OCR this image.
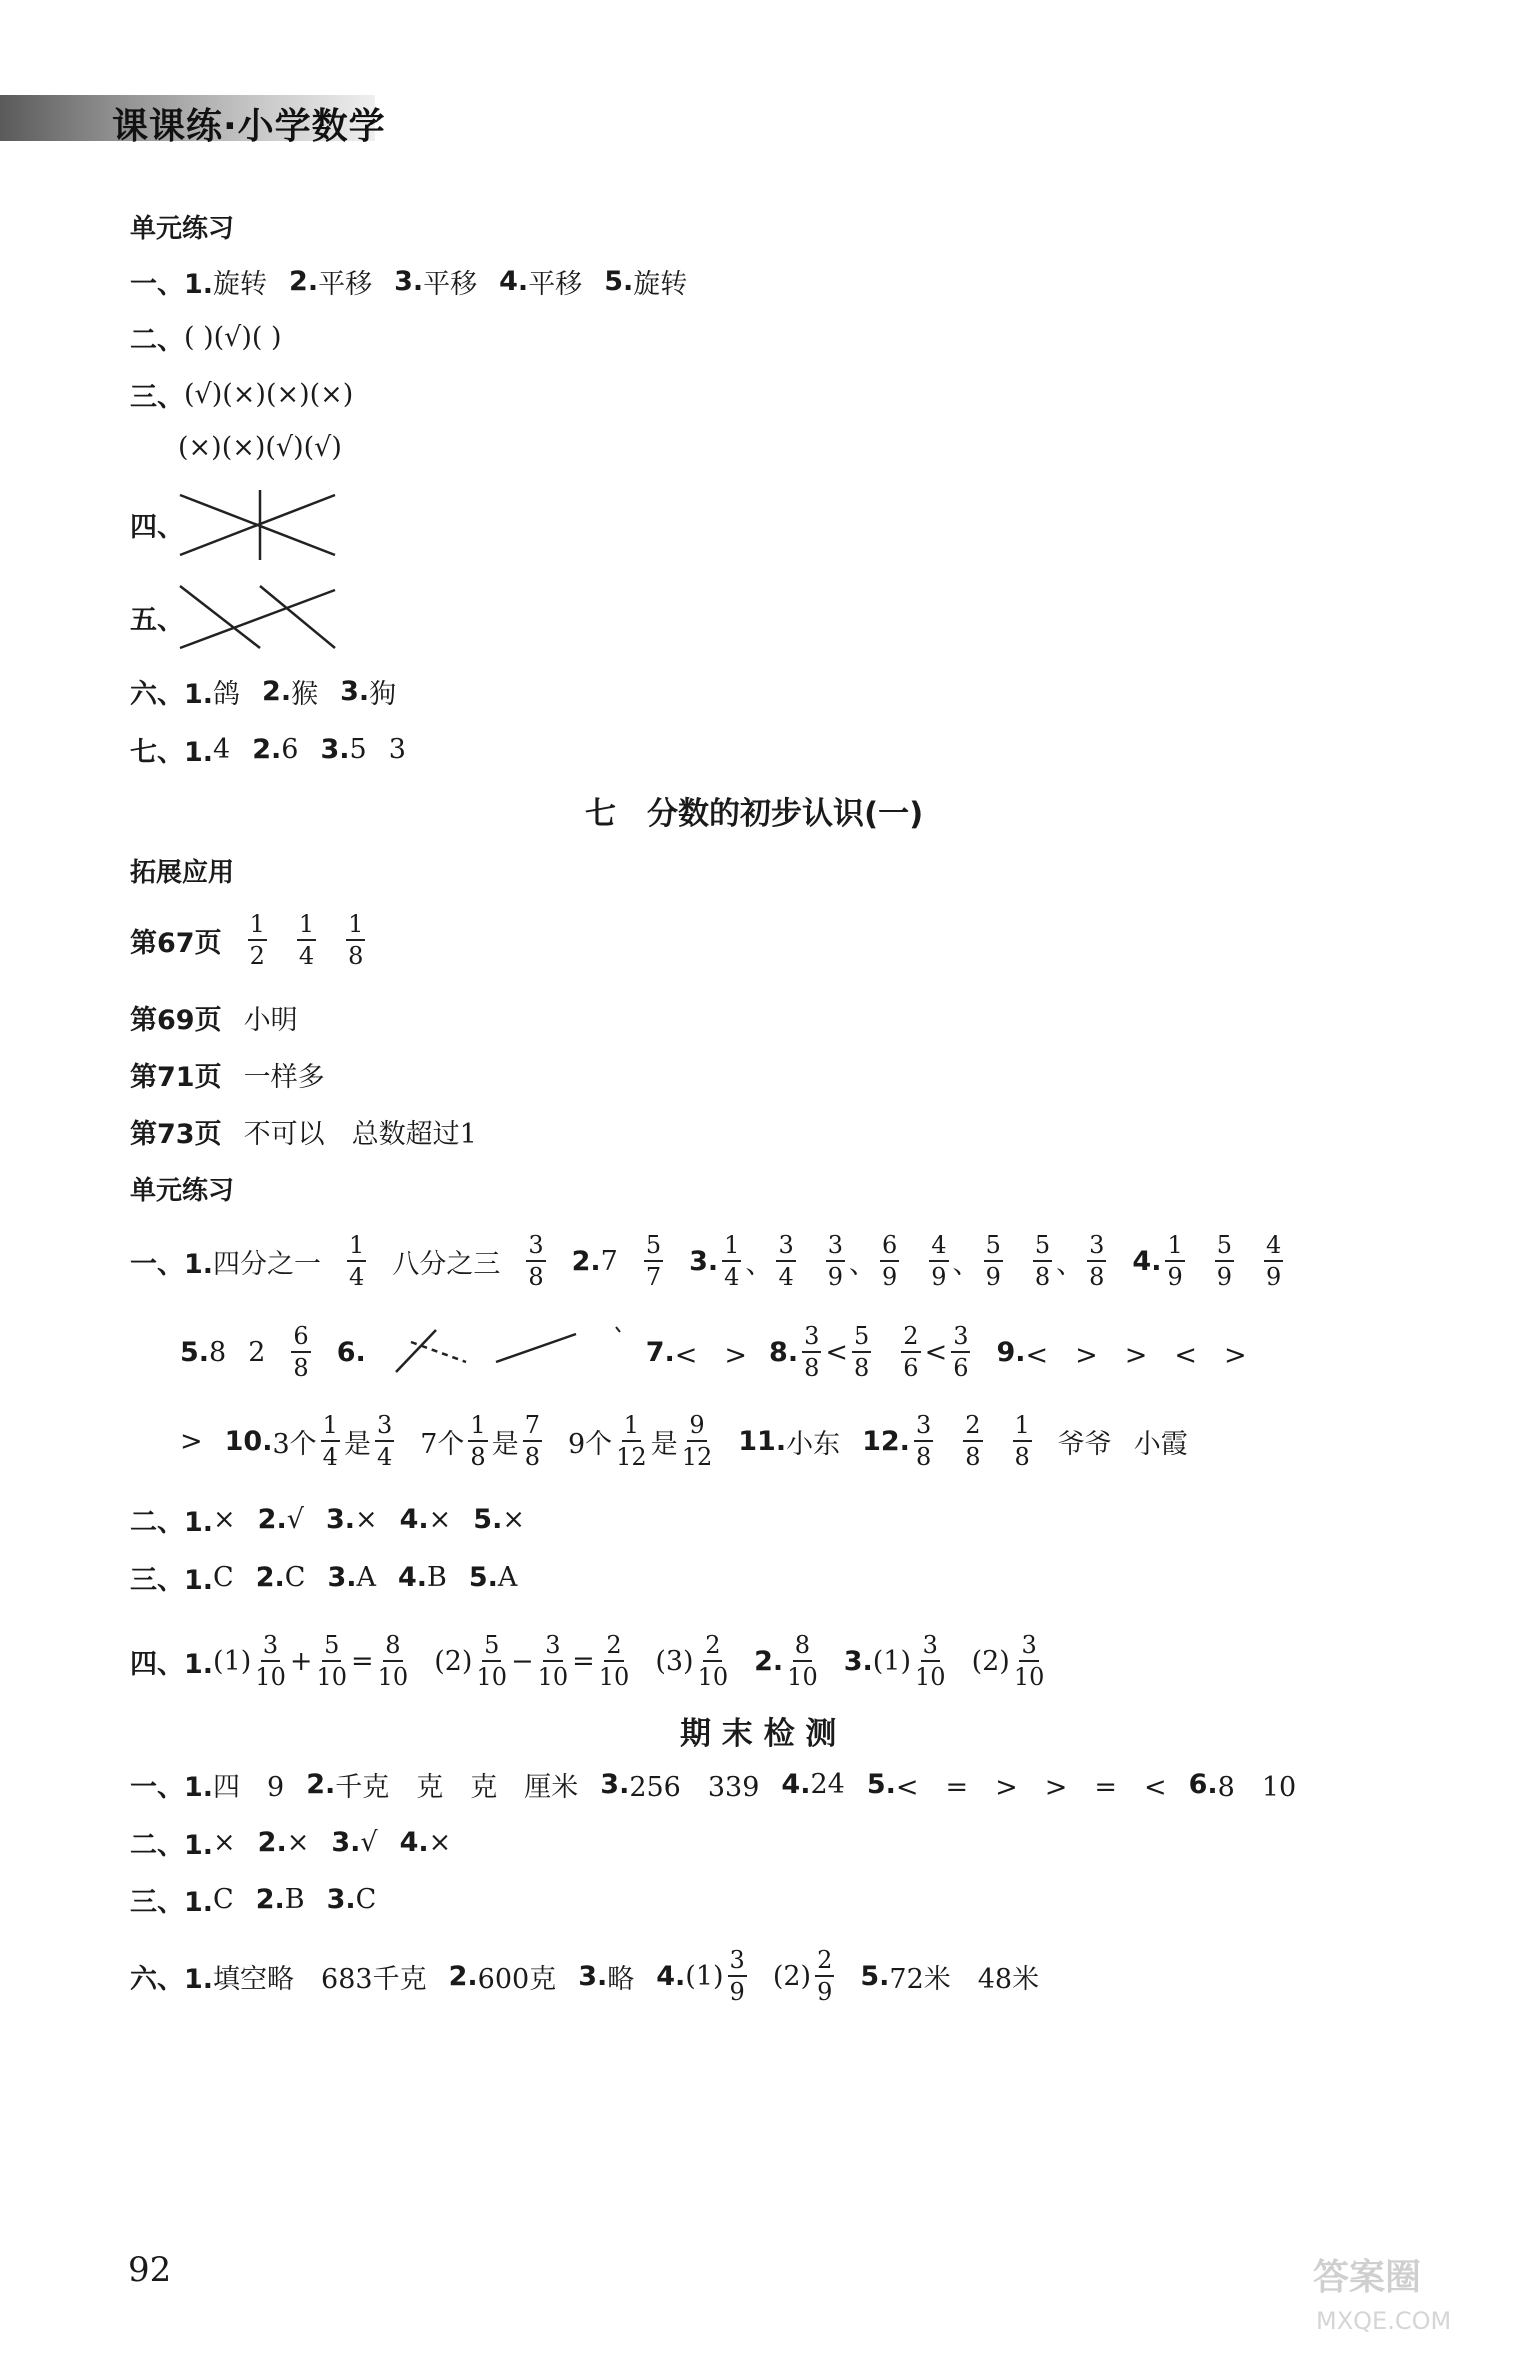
课课练·小学数学
单元练习
一、1. 旋转 2. 平移 3. 平移 4. 平移 5. 旋转
二、 ( )(√)( )
三、 (√)(×)(×)(×)
(×)(×)(√)(√)
四、
五、
六、1. 鸽 2. 猴 3. 狗
七、1. 4 2. 6 3. 5 3
七　分数的初步认识(一)
拓展应用
第67页 $\frac{1}{2} \frac{1}{4} \frac{1}{8}$
第69页 小明
第71页 一样多
第73页 不可以　总数超过1
单元练习
一、1. 四分之一 $\frac{1}{4}$ 八分之三 $\frac{3}{8} 2$. $7 \frac{5}{7} 3$. $\frac{1}{4}$ 、 $\frac{3}{4} \frac{3}{9}$ 、 $\frac{6}{9} \frac{4}{9}$ 、 $\frac{5}{9} \frac{5}{8}$ 、 $\frac{3}{8} 4$. $\frac{1}{9} \frac{5}{9} \frac{4}{9}$
5. 8 $2 \frac{6}{8} 6$.	7. <　> 8. $\frac{3}{8} < \frac{5}{8} \frac{2}{6} < \frac{3}{6} 9$. <　>　>　<　>
> 10. 3个 $\frac{1}{4}$ 是 $\frac{3}{4} 7$个 $\frac{1}{8}$ 是 $\frac{7}{8} 9$个 $\frac{1}{12}$ 是 $\frac{9}{12} 11$. 小东 12. $\frac{3}{8} \frac{2}{8} \frac{1}{8}$ 爷爷 小霞
二、1. × 2. √ 3. × 4. × 5. ×
三、1. C 2. C 3. A 4. B 5. A
四、1. $(1) \frac{3}{10} + \frac{5}{10} = \frac{8}{10} (2) \frac{5}{10} - \frac{3}{10} = \frac{2}{10} (3) \frac{2}{10} 2$. $\frac{8}{10} 3$. $(1) \frac{3}{10} (2) \frac{3}{10}$
期 末 检 测
一、1. 四　9 2. 千克　克　克　厘米 3. 256　339 4. 24 5. <　=　>　>　=　< 6. 8　10
二、1. × 2. × 3. √ 4. ×
三、1. C 2. B 3. C
六、1. 填空略　683千克 2. 600克 3. 略 4. $(1) \frac{3}{9} (2) \frac{2}{9} 5$. 72米　48米
92	答案圈
MXQE.COM
